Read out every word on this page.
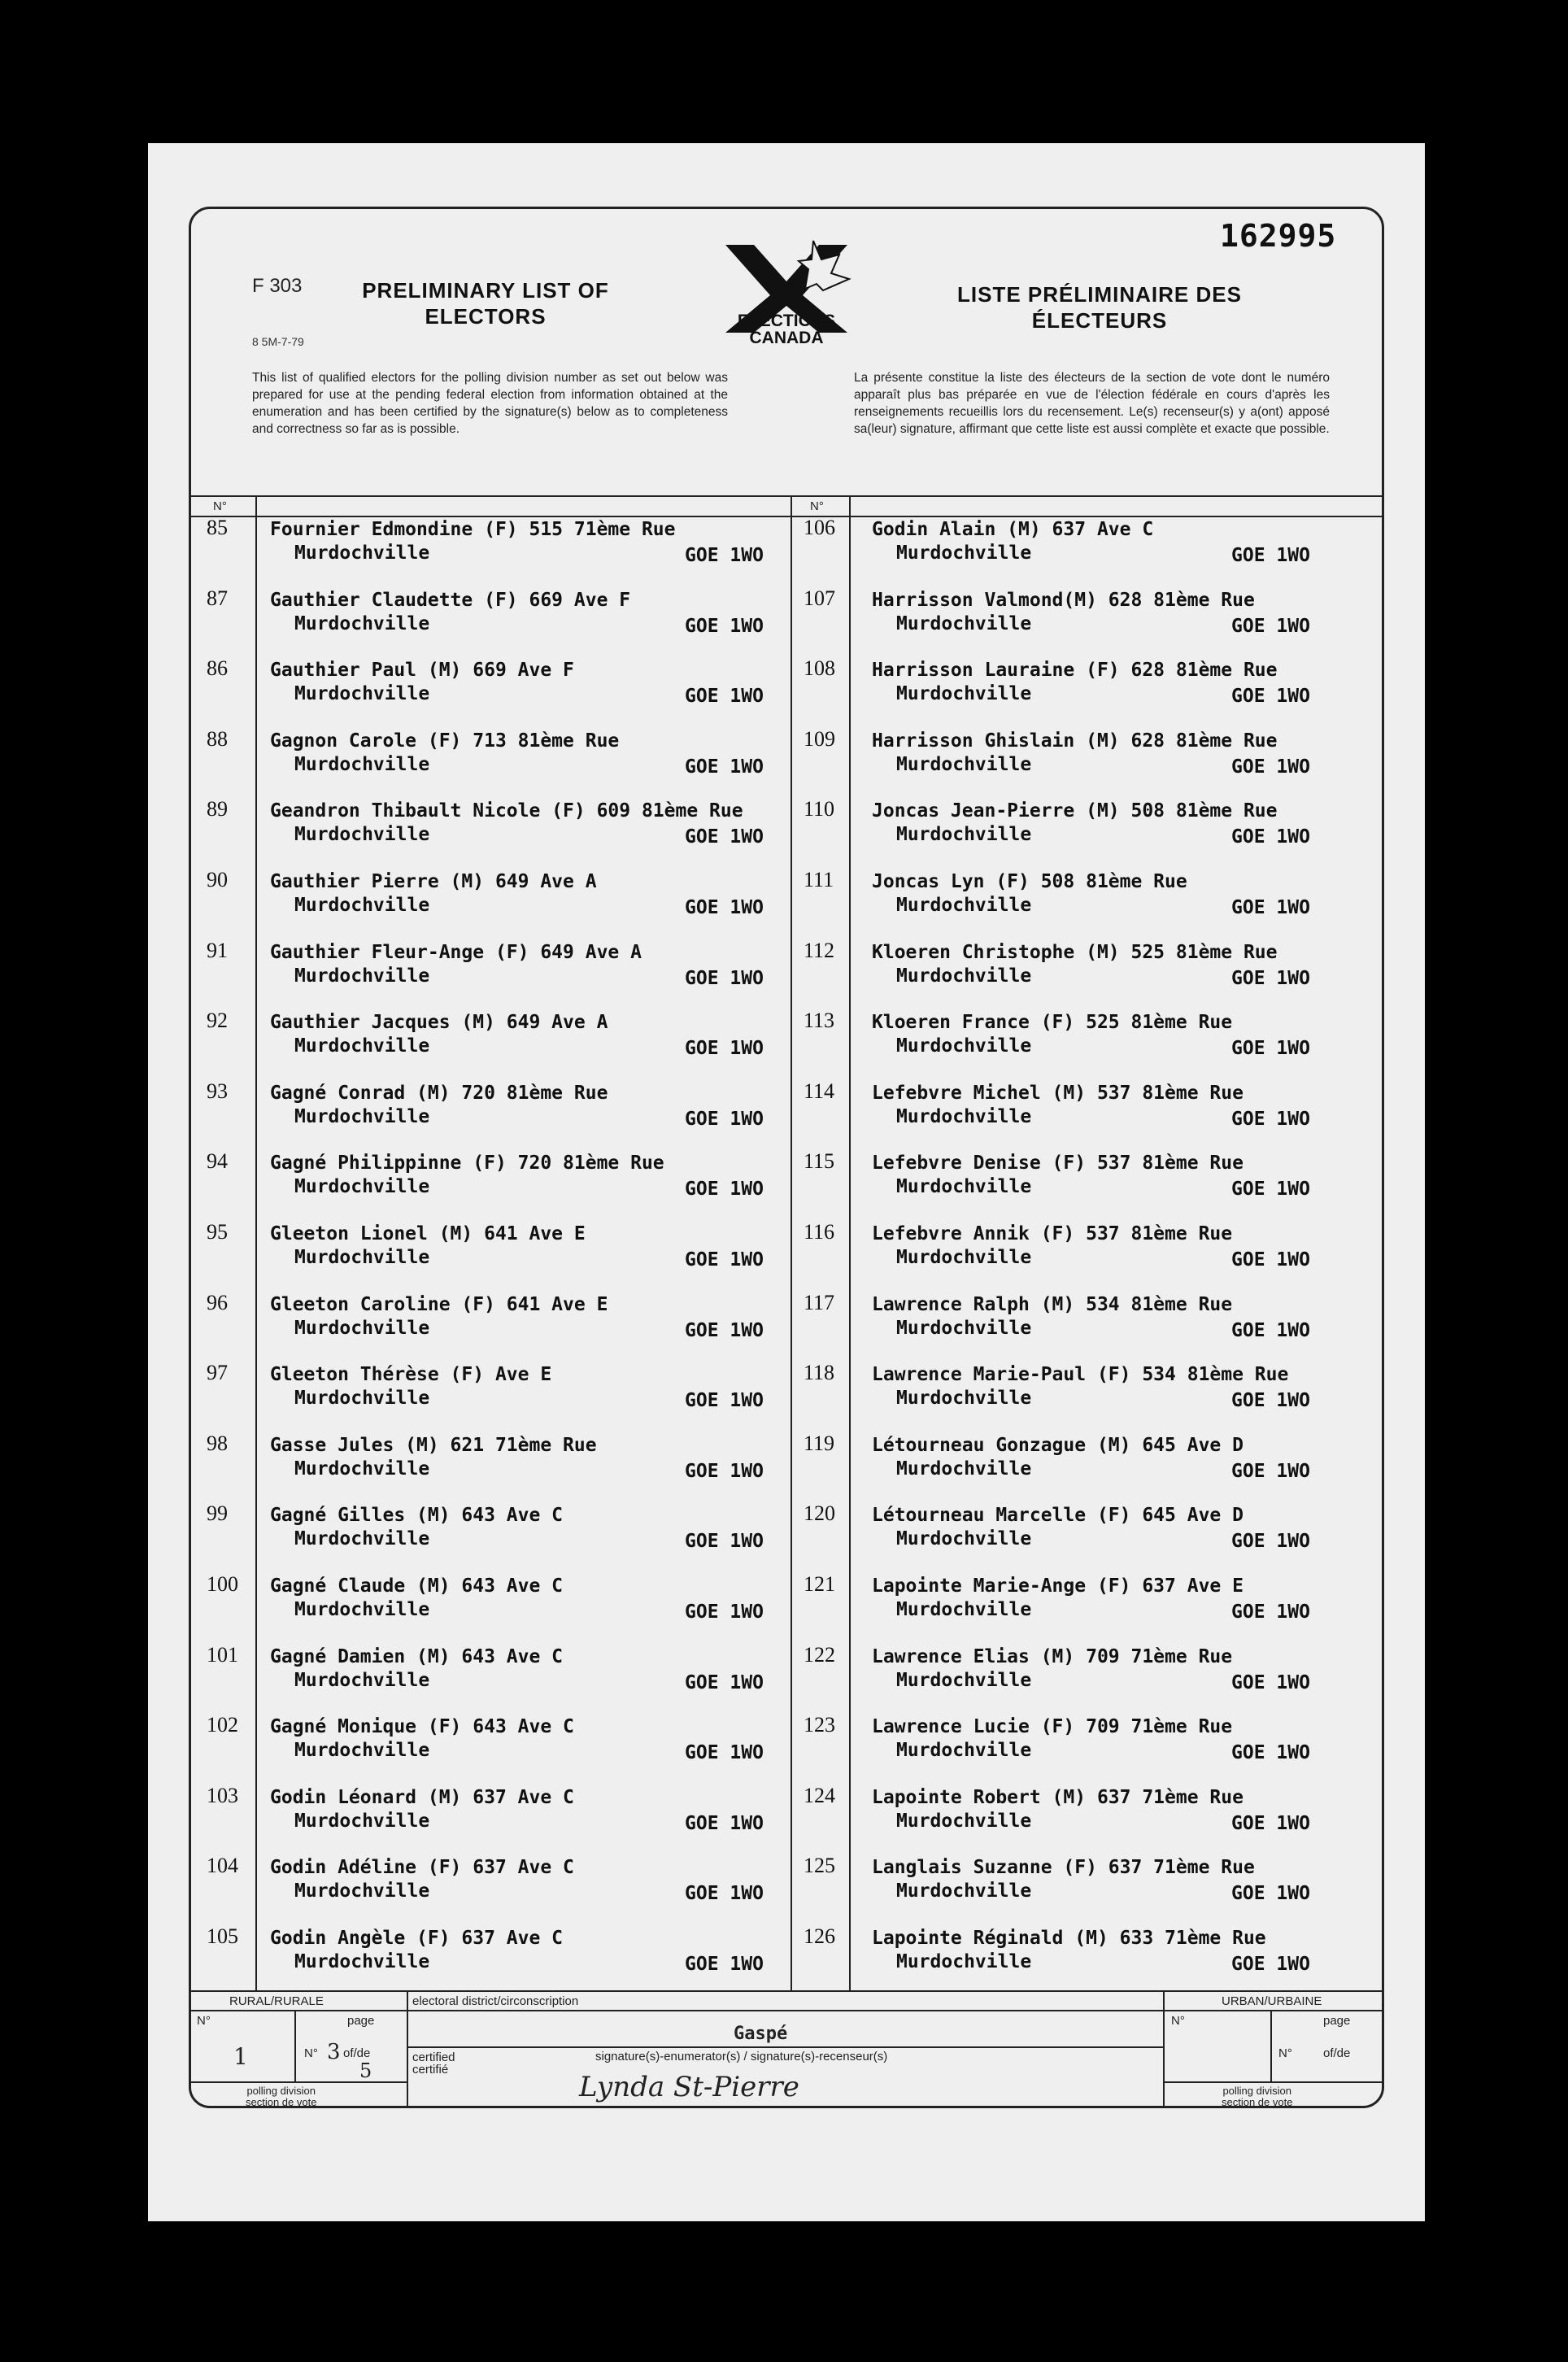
162995
F 303
8 5M-7-79
PRELIMINARY LIST OF ELECTORS
LISTE PRÉLIMINAIRE DES ÉLECTEURS
ELECTIONS CANADA
This list of qualified electors for the polling division number as set out below was prepared for use at the pending federal election from information obtained at the enumeration and has been certified by the signature(s) below as to completeness and correctness so far as is possible.
La présente constitue la liste des électeurs de la section de vote dont le numéro apparaît plus bas préparée en vue de l'élection fédérale en cours d'après les renseignements recueillis lors du recensement. Le(s) recenseur(s) y a(ont) apposé sa(leur) signature, affirmant que cette liste est aussi complète et exacte que possible.
N°	N°
85 Fournier Edmondine (F) 515 71ème Rue
Murdochville	GOE 1WO
87 Gauthier Claudette (F) 669 Ave F
Murdochville	GOE 1WO
86 Gauthier Paul (M) 669 Ave F
Murdochville	GOE 1WO
88 Gagnon Carole (F) 713 81ème Rue
Murdochville	GOE 1WO
89 Geandron Thibault Nicole (F) 609 81ème Rue
Murdochville	GOE 1WO
90 Gauthier Pierre (M) 649 Ave A
Murdochville	GOE 1WO
91 Gauthier Fleur-Ange (F) 649 Ave A
Murdochville	GOE 1WO
92 Gauthier Jacques (M) 649 Ave A
Murdochville	GOE 1WO
93 Gagné Conrad (M) 720 81ème Rue
Murdochville	GOE 1WO
94 Gagné Philippinne (F) 720 81ème Rue
Murdochville	GOE 1WO
95 Gleeton Lionel (M) 641 Ave E
Murdochville	GOE 1WO
96 Gleeton Caroline (F) 641 Ave E
Murdochville	GOE 1WO
97 Gleeton Thérèse (F) Ave E
Murdochville	GOE 1WO
98 Gasse Jules (M) 621 71ème Rue
Murdochville	GOE 1WO
99 Gagné Gilles (M) 643 Ave C
Murdochville	GOE 1WO
100 Gagné Claude (M) 643 Ave C
Murdochville	GOE 1WO
101 Gagné Damien (M) 643 Ave C
Murdochville	GOE 1WO
102 Gagné Monique (F) 643 Ave C
Murdochville	GOE 1WO
103 Godin Léonard (M) 637 Ave C
Murdochville	GOE 1WO
104 Godin Adéline (F) 637 Ave C
Murdochville	GOE 1WO
105 Godin Angèle (F) 637 Ave C
Murdochville	GOE 1WO
106 Godin Alain (M) 637 Ave C
Murdochville	GOE 1WO
107 Harrisson Valmond(M) 628 81ème Rue
Murdochville	GOE 1WO
108 Harrisson Lauraine (F) 628 81ème Rue
Murdochville	GOE 1WO
109 Harrisson Ghislain (M) 628 81ème Rue
Murdochville	GOE 1WO
110 Joncas Jean-Pierre (M) 508 81ème Rue
Murdochville	GOE 1WO
111 Joncas Lyn (F) 508 81ème Rue
Murdochville	GOE 1WO
112 Kloeren Christophe (M) 525 81ème Rue
Murdochville	GOE 1WO
113 Kloeren France (F) 525 81ème Rue
Murdochville	GOE 1WO
114 Lefebvre Michel (M) 537 81ème Rue
Murdochville	GOE 1WO
115 Lefebvre Denise (F) 537 81ème Rue
Murdochville	GOE 1WO
116 Lefebvre Annik (F) 537 81ème Rue
Murdochville	GOE 1WO
117 Lawrence Ralph (M) 534 81ème Rue
Murdochville	GOE 1WO
118 Lawrence Marie-Paul (F) 534 81ème Rue
Murdochville	GOE 1WO
119 Létourneau Gonzague (M) 645 Ave D
Murdochville	GOE 1WO
120 Létourneau Marcelle (F) 645 Ave D
Murdochville	GOE 1WO
121 Lapointe Marie-Ange (F) 637 Ave E
Murdochville	GOE 1WO
122 Lawrence Elias (M) 709 71ème Rue
Murdochville	GOE 1WO
123 Lawrence Lucie (F) 709 71ème Rue
Murdochville	GOE 1WO
124 Lapointe Robert (M) 637 71ème Rue
Murdochville	GOE 1WO
125 Langlais Suzanne (F) 637 71ème Rue
Murdochville	GOE 1WO
126 Lapointe Réginald (M) 633 71ème Rue
Murdochville	GOE 1WO
RURAL/RURALE	electoral district/circonscription	URBAN/URBAINE
Gaspé
N°	page
1	N° 3 of/de
5
certified
certifié
signature(s)-enumerator(s) / signature(s)-recenseur(s)
Lynda St-Pierre
polling division
section de vote
N°	page
N°	of/de
polling division
section de vote
